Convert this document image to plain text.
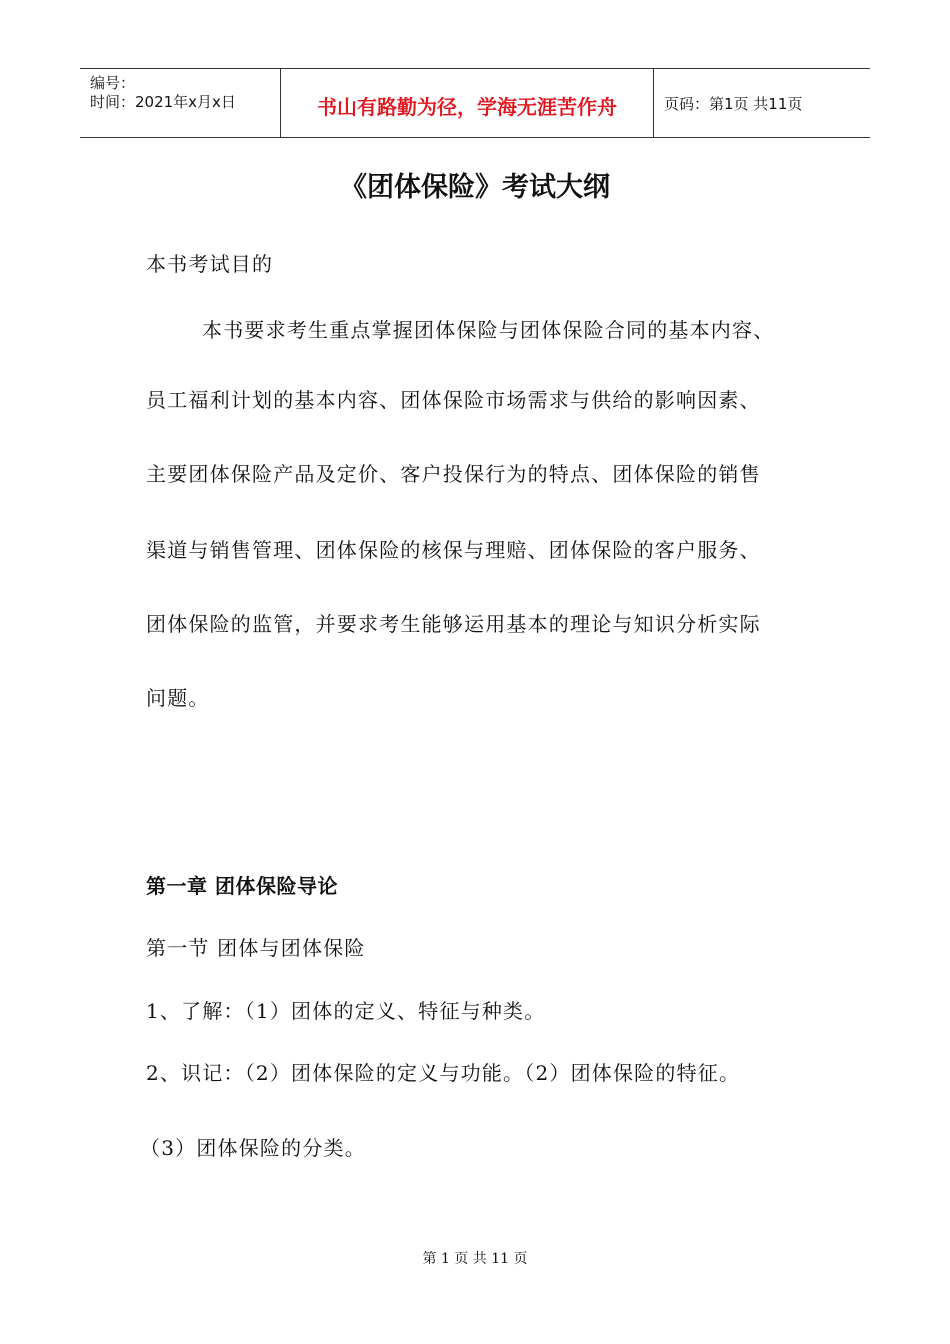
编号：
时间：2021年x月x日	书山有路勤为径，学海无涯苦作舟	页码：第1页 共11页
《团体保险》考试大纲
本书考试目的
本书要求考生重点掌握团体保险与团体保险合同的基本内容、
员工福利计划的基本内容、团体保险市场需求与供给的影响因素、
主要团体保险产品及定价、客户投保行为的特点、团体保险的销售
渠道与销售管理、团体保险的核保与理赔、团体保险的客户服务、
团体保险的监管，并要求考生能够运用基本的理论与知识分析实际
问题。
第一章 团体保险导论
第一节 团体与团体保险
1、了解：（1）团体的定义、特征与种类。
2、识记：（2）团体保险的定义与功能。（2）团体保险的特征。
（3）团体保险的分类。
第 1 页 共 11 页
